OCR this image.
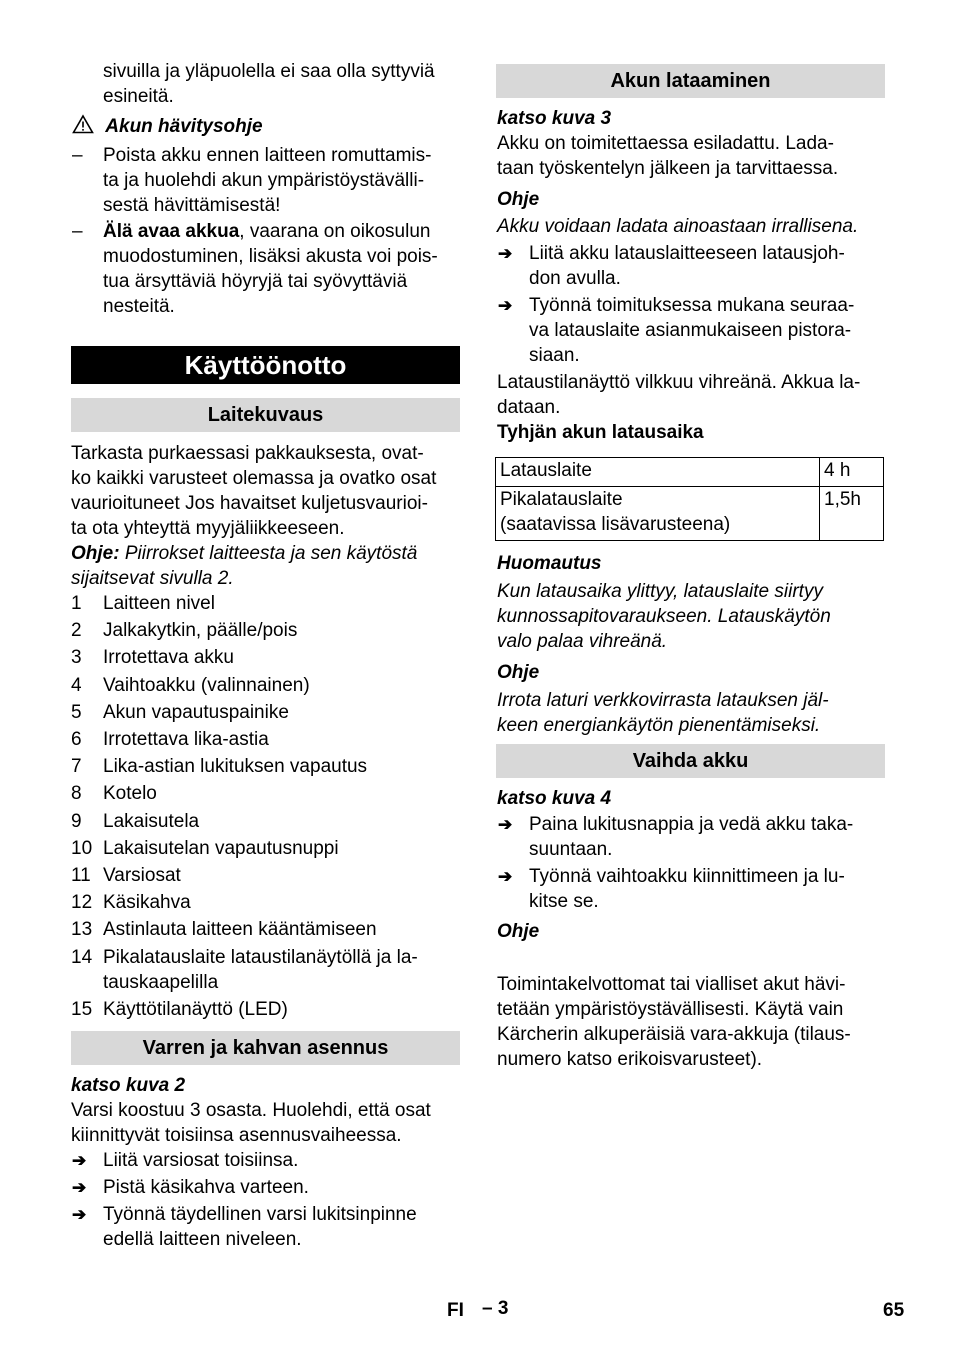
sivuilla ja yläpuolella ei saa olla syttyviä
esineitä.
Akun hävitysohje
– Poista akku ennen laitteen romuttamis-
ta ja huolehdi akun ympäristöystävälli-
sestä hävittämisestä!
– Älä avaa akkua, vaarana on oikosulun
muodostuminen, lisäksi akusta voi pois-
tua ärsyttäviä höyryjä tai syövyttäviä
nesteitä.
Käyttöönotto
Laitekuvaus
Tarkasta purkaessasi pakkauksesta, ovat-
ko kaikki varusteet olemassa ja ovatko osat
vaurioituneet Jos havaitset kuljetusvaurioi-
ta ota yhteyttä myyjäliikkeeseen.
Ohje: Piirrokset laitteesta ja sen käytöstä
sijaitsevat sivulla 2.
1 Laitteen nivel
2 Jalkakytkin, päälle/pois
3 Irrotettava akku
4 Vaihtoakku (valinnainen)
5 Akun vapautuspainike
6 Irrotettava lika-astia
7 Lika-astian lukituksen vapautus
8 Kotelo
9 Lakaisutela
10 Lakaisutelan vapautusnuppi
11 Varsiosat
12 Käsikahva
13 Astinlauta laitteen kääntämiseen
14 Pikalatauslaite lataustilanäytöllä ja la-
tauskaapelilla
15 Käyttötilanäyttö (LED)
Varren ja kahvan asennus
katso kuva 2
Varsi koostuu 3 osasta. Huolehdi, että osat
kiinnittyvät toisiinsa asennusvaiheessa.
➔ Liitä varsiosat toisiinsa.
➔ Pistä käsikahva varteen.
➔ Työnnä täydellinen varsi lukitsinpinne
edellä laitteen niveleen.
Akun lataaminen
katso kuva 3
Akku on toimitettaessa esiladattu. Lada-
taan työskentelyn jälkeen ja tarvittaessa.
Ohje
Akku voidaan ladata ainoastaan irrallisena.
➔ Liitä akku latauslaitteeseen latausjoh-
don avulla.
➔ Työnnä toimituksessa mukana seuraa-
va latauslaite asianmukaiseen pistora-
siaan.
Lataustilanäyttö vilkkuu vihreänä. Akkua la-
dataan.
Tyhjän akun latausaika
Latauslaite	4 h

Pikalatauslaite
(saatavissa lisävarusteena)	1,5h
Huomautus
Kun latausaika ylittyy, latauslaite siirtyy
kunnossapitovaraukseen. Latauskäytön
valo palaa vihreänä.
Ohje
Irrota laturi verkkovirrasta latauksen jäl-
keen energiankäytön pienentämiseksi.
Vaihda akku
katso kuva 4
➔ Paina lukitusnappia ja vedä akku taka-
suuntaan.
➔ Työnnä vaihtoakku kiinnittimeen ja lu-
kitse se.
Ohje
Toimintakelvottomat tai vialliset akut hävi-
tetään ympäristöystävällisesti. Käytä vain
Kärcherin alkuperäisiä vara-akkuja (tilaus-
numero katso erikoisvarusteet).
FI – 3	65
